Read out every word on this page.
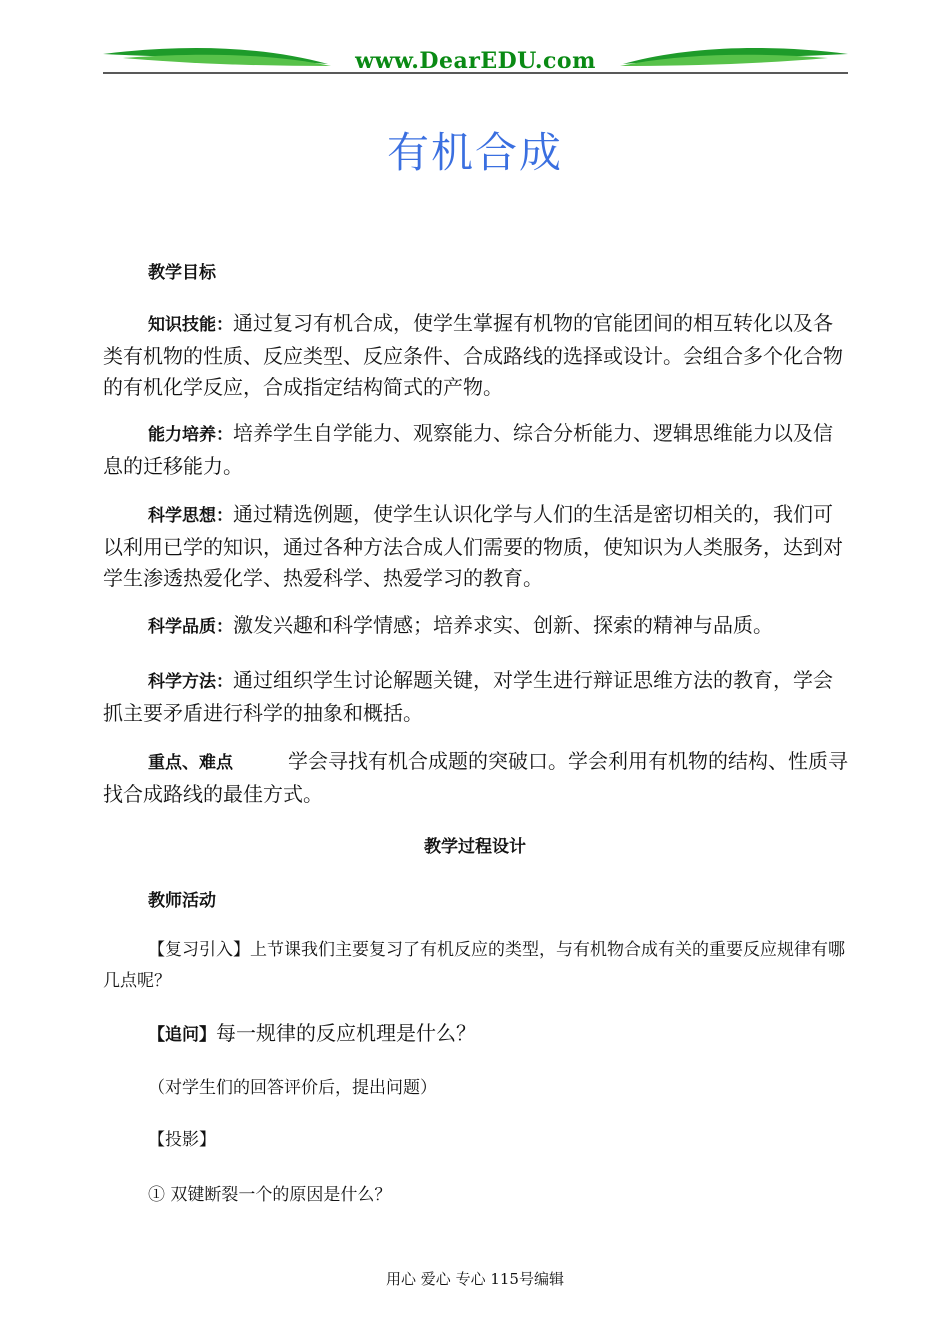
www.DearEDU.com
有机合成
教学目标
知识技能：通过复习有机合成，使学生掌握有机物的官能团间的相互转化以及各类有机物的性质、反应类型、反应条件、合成路线的选择或设计。会组合多个化合物的有机化学反应，合成指定结构简式的产物。
能力培养：培养学生自学能力、观察能力、综合分析能力、逻辑思维能力以及信息的迁移能力。
科学思想：通过精选例题，使学生认识化学与人们的生活是密切相关的，我们可以利用已学的知识，通过各种方法合成人们需要的物质，使知识为人类服务，达到对学生渗透热爱化学、热爱科学、热爱学习的教育。
科学品质：激发兴趣和科学情感；培养求实、创新、探索的精神与品质。
科学方法：通过组织学生讨论解题关键，对学生进行辩证思维方法的教育，学会抓主要矛盾进行科学的抽象和概括。
重点、难点	学会寻找有机合成题的突破口。学会利用有机物的结构、性质寻找合成路线的最佳方式。
教学过程设计
教师活动
【复习引入】上节课我们主要复习了有机反应的类型，与有机物合成有关的重要反应规律有哪几点呢？
【追问】每一规律的反应机理是什么？
（对学生们的回答评价后，提出问题）
【投影】
① 双键断裂一个的原因是什么？
用心 爱心 专心 115号编辑
